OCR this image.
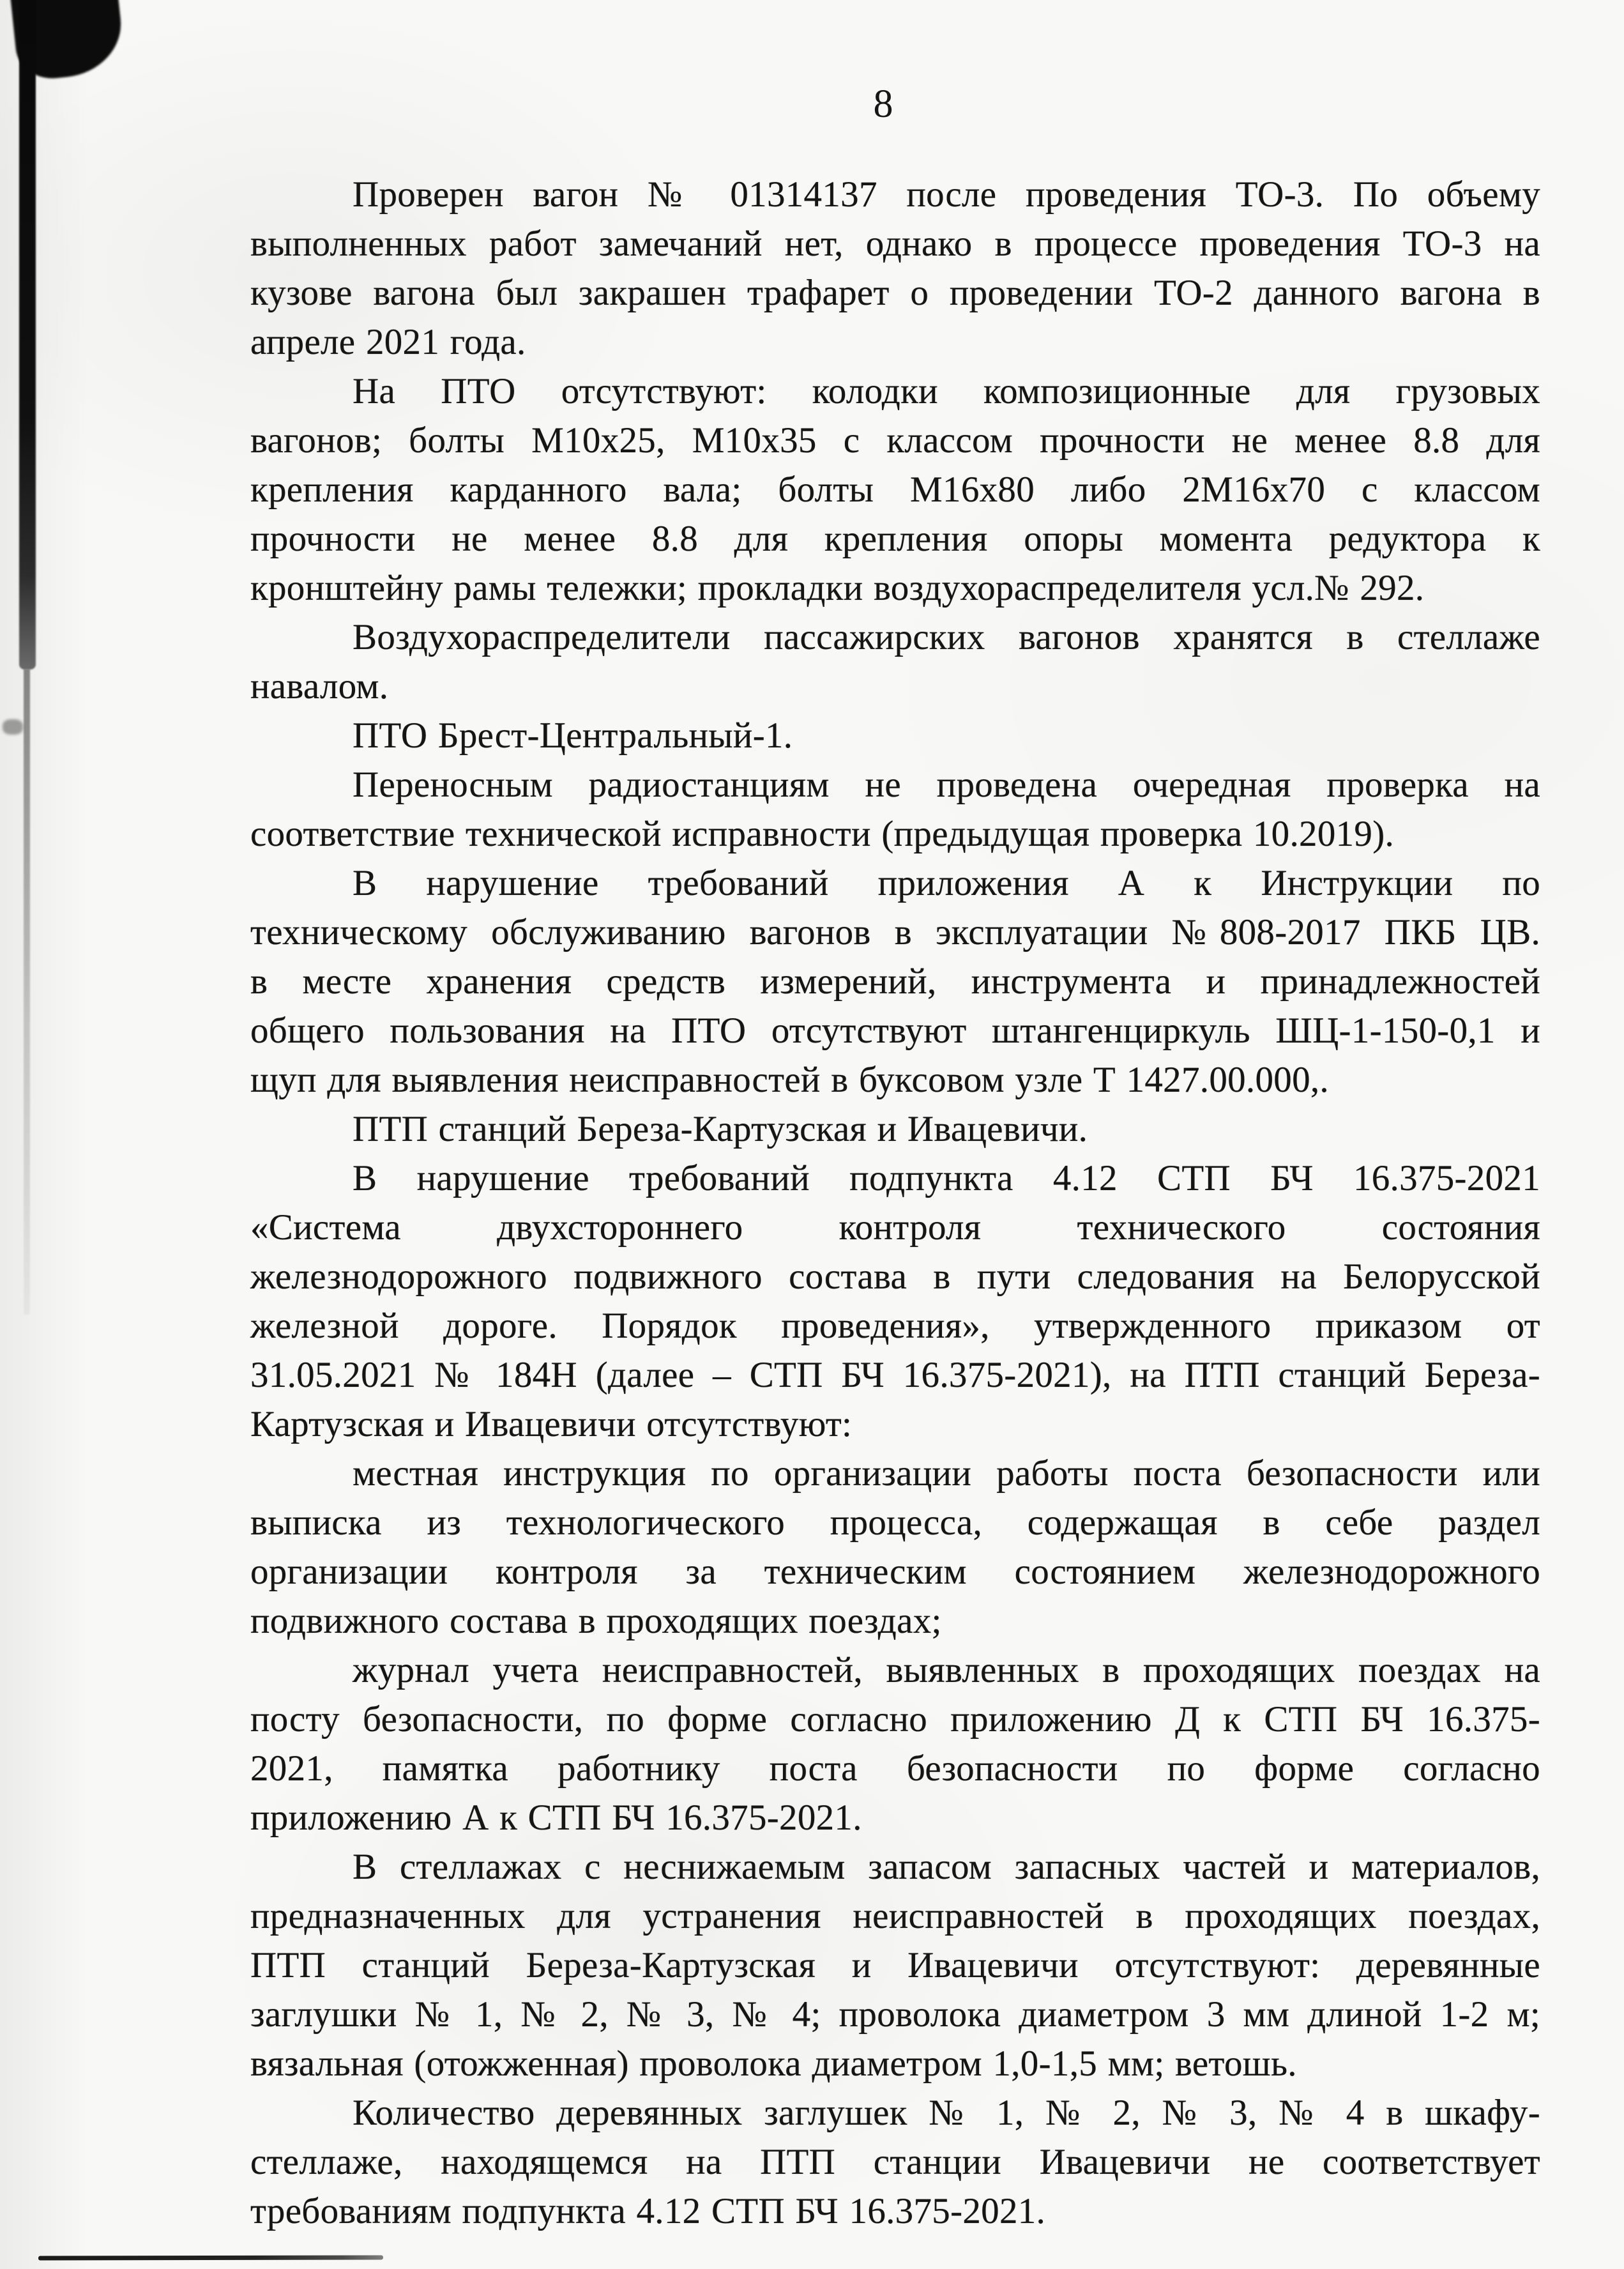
8
Проверен вагон № 01314137 после проведения ТО-3. По объему
выполненных работ замечаний нет, однако в процессе проведения ТО-3 на
кузове вагона был закрашен трафарет о проведении ТО-2 данного вагона в
апреле 2021 года.
На ПТО отсутствуют: колодки композиционные для грузовых
вагонов; болты М10х25, М10х35 с классом прочности не менее 8.8 для
крепления карданного вала; болты М16х80 либо 2М16х70 с классом
прочности не менее 8.8 для крепления опоры момента редуктора к
кронштейну рамы тележки; прокладки воздухораспределителя усл.№ 292.
Воздухораспределители пассажирских вагонов хранятся в стеллаже
навалом.
ПТО Брест-Центральный-1.
Переносным радиостанциям не проведена очередная проверка на
соответствие технической исправности (предыдущая проверка 10.2019).
В нарушение требований приложения А к Инструкции по
техническому обслуживанию вагонов в эксплуатации №808-2017 ПКБ ЦВ.
в месте хранения средств измерений, инструмента и принадлежностей
общего пользования на ПТО отсутствуют штангенциркуль ШЦ-1-150-0,1 и
щуп для выявления неисправностей в буксовом узле Т 1427.00.000,.
ПТП станций Береза-Картузская и Ивацевичи.
В нарушение требований подпункта 4.12 СТП БЧ 16.375-2021
«Система двухстороннего контроля технического состояния
железнодорожного подвижного состава в пути следования на Белорусской
железной дороге. Порядок проведения», утвержденного приказом от
31.05.2021 № 184Н (далее – СТП БЧ 16.375-2021), на ПТП станций Береза-
Картузская и Ивацевичи отсутствуют:
местная инструкция по организации работы поста безопасности или
выписка из технологического процесса, содержащая в себе раздел
организации контроля за техническим состоянием железнодорожного
подвижного состава в проходящих поездах;
журнал учета неисправностей, выявленных в проходящих поездах на
посту безопасности, по форме согласно приложению Д к СТП БЧ 16.375-
2021, памятка работнику поста безопасности по форме согласно
приложению А к СТП БЧ 16.375-2021.
В стеллажах с неснижаемым запасом запасных частей и материалов,
предназначенных для устранения неисправностей в проходящих поездах,
ПТП станций Береза-Картузская и Ивацевичи отсутствуют: деревянные
заглушки № 1, № 2, № 3, № 4; проволока диаметром 3 мм длиной 1-2 м;
вязальная (отожженная) проволока диаметром 1,0-1,5 мм; ветошь.
Количество деревянных заглушек № 1, № 2, № 3, № 4 в шкафу-
стеллаже, находящемся на ПТП станции Ивацевичи не соответствует
требованиям подпункта 4.12 СТП БЧ 16.375-2021.
